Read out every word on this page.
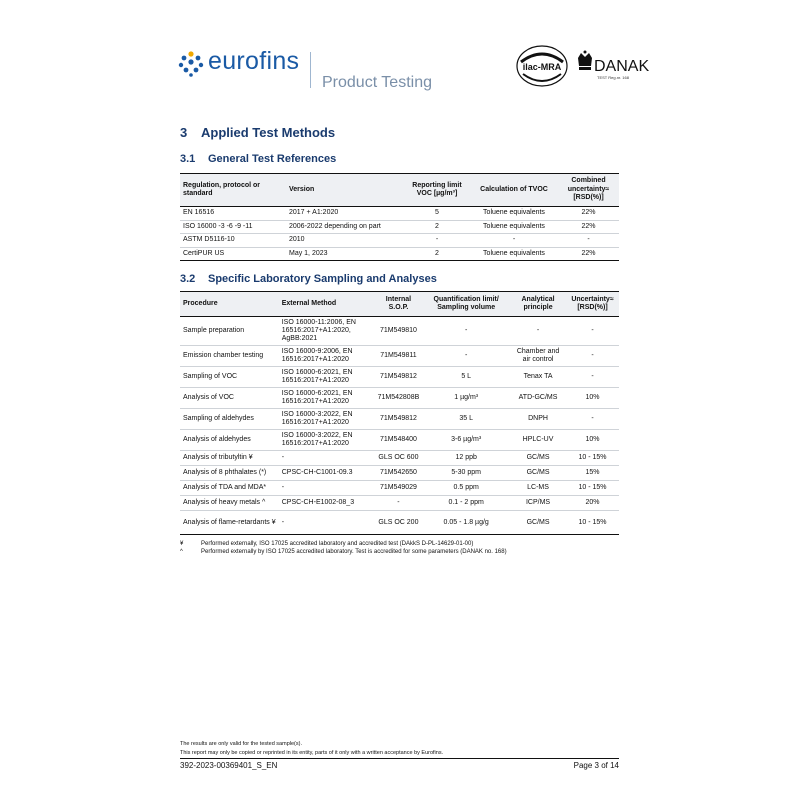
eurofins
Product Testing
ilac-MRA DANAK
TEST Reg.nr. 168
3 Applied Test Methods
3.1 General Test References
Regulation, protocol or standard	Version	Reporting limit VOC [µg/m³]	Calculation of TVOC	Combined uncertainty≈ [RSD(%)]
EN 16516	2017 + A1:2020	5	Toluene equivalents	22%
ISO 16000 -3 -6 -9 -11	2006-2022 depending on part	2	Toluene equivalents	22%
ASTM D5116-10	2010	-	-	-
CertiPUR US	May 1, 2023	2	Toluene equivalents	22%
3.2 Specific Laboratory Sampling and Analyses
Procedure	External Method	Internal S.O.P.	Quantification limit/ Sampling volume	Analytical principle	Uncertainty≈ [RSD(%)]
Sample preparation	ISO 16000-11:2006, EN 16516:2017+A1:2020, AgBB:2021	71M549810	-	-	-
Emission chamber testing	ISO 16000-9:2006, EN 16516:2017+A1:2020	71M549811	-	Chamber and air control	-
Sampling of VOC	ISO 16000-6:2021, EN 16516:2017+A1:2020	71M549812	5 L	Tenax TA	-
Analysis of VOC	ISO 16000-6:2021, EN 16516:2017+A1:2020	71M542808B	1 µg/m³	ATD-GC/MS	10%
Sampling of aldehydes	ISO 16000-3:2022, EN 16516:2017+A1:2020	71M549812	35 L	DNPH	-
Analysis of aldehydes	ISO 16000-3:2022, EN 16516:2017+A1:2020	71M548400	3-6 µg/m³	HPLC-UV	10%
Analysis of tributyltin ¥	-	GLS OC 600	12 ppb	GC/MS	10 - 15%
Analysis of 8 phthalates (*)	CPSC-CH-C1001-09.3	71M542650	5-30 ppm	GC/MS	15%
Analysis of TDA and MDA*	-	71M549029	0.5 ppm	LC-MS	10 - 15%
Analysis of heavy metals ^	CPSC-CH-E1002-08_3	-	0.1 - 2 ppm	ICP/MS	20%
Analysis of flame-retardants ¥	-	GLS OC 200	0.05 - 1.8 µg/g	GC/MS	10 - 15%
¥	Performed externally, ISO 17025 accredited laboratory and accredited test (DAkkS D-PL-14629-01-00)
^	Performed externally by ISO 17025 accredited laboratory. Test is accredited for some parameters (DANAK no. 168)
The results are only valid for the tested sample(s).
This report may only be copied or reprinted in its entity, parts of it only with a written acceptance by Eurofins.
392-2023-00369401_S_EN	Page 3 of 14
